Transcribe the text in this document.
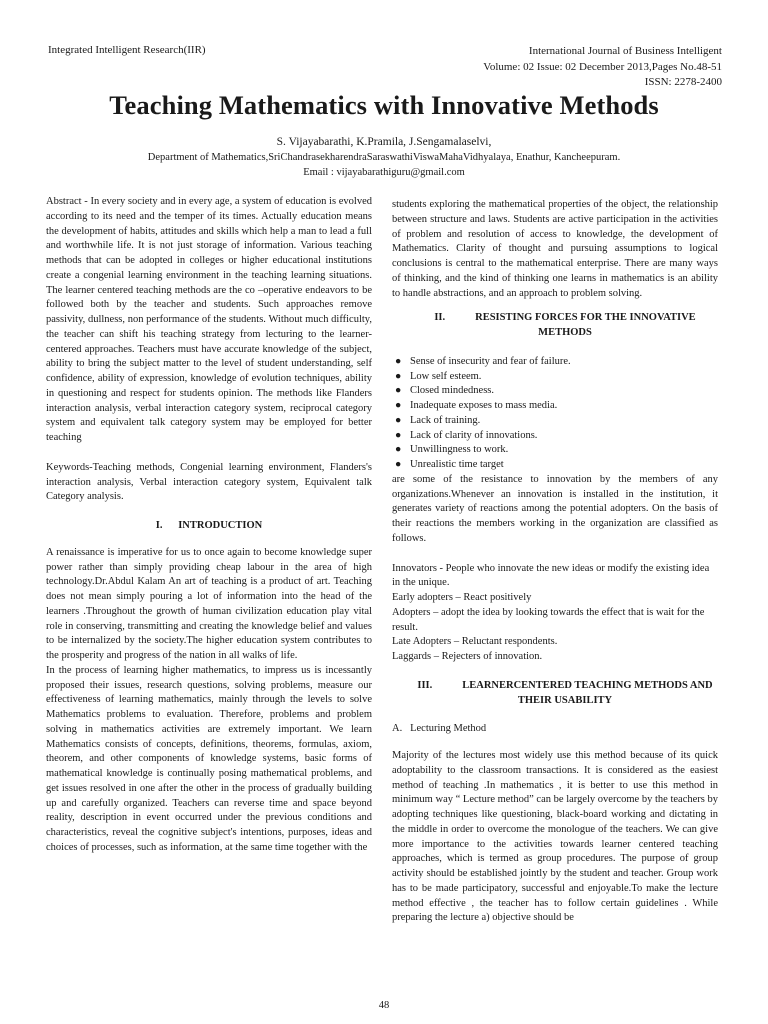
Integrated Intelligent Research(IIR)	International Journal of Business Intelligent
Volume: 02 Issue: 02 December 2013,Pages No.48-51
ISSN: 2278-2400
Teaching Mathematics with Innovative Methods
S. Vijayabarathi, K.Pramila, J.Sengamalaselvi,
Department of Mathematics,SriChandrasekharendraSaraswathiViswaMahaVidhyalaya, Enathur, Kancheepuram.
Email : vijayabarathiguru@gmail.com

Abstract - In every society and in every age, a system of education is evolved according to its need and the temper of its times. Actually education means the development of habits, attitudes and skills which help a man to lead a full and worthwhile life. It is not just storage of information. Various teaching methods that can be adopted in colleges or higher educational institutions create a congenial learning environment in the teaching learning situations. The learner centered teaching methods are the co –operative endeavors to be followed both by the teacher and students. Such approaches remove passivity, dullness, non performance of the students. Without much difficulty, the teacher can shift his teaching strategy from lecturing to the learner- centered approaches. Teachers must have accurate knowledge of the subject, ability to bring the subject matter to the level of student understanding, self confidence, ability of expression, knowledge of evolution techniques, ability in questioning and respect for students opinion. The methods like Flanders interaction analysis, verbal interaction category system, reciprocal category system and equivalent talk category system may be employed for better teaching

Keywords-Teaching methods, Congenial learning environment, Flanders's interaction analysis, Verbal interaction category system, Equivalent talk Category analysis.

I.      INTRODUCTION

A renaissance is imperative for us to once again to become knowledge super power rather than simply providing cheap labour in the area of high technology.Dr.Abdul Kalam An art of teaching is a product of art. Teaching does not mean simply pouring a lot of information into the head of the learners .Throughout the growth of human civilization education play vital role in conserving, transmitting and creating the knowledge belief and values to be internalized by the society.The higher education system contributes to the prosperity and progress of the nation in all walks of life.

In the process of learning higher mathematics, to impress us is incessantly proposed their issues, research questions, solving problems, measure our effectiveness of learning mathematics, mainly through the levels to solve Mathematics problems to evaluation. Therefore, problems and problem solving in mathematics activities are extremely important. We learn Mathematics consists of concepts, definitions, theorems, formulas, axiom, theorem, and other components of knowledge systems, basic forms of mathematical knowledge is continually posing mathematical problems, and get issues resolved in one after the other in the process of gradually building up and carefully organized. Teachers can reverse time and space beyond reality, description in event occurred under the previous conditions and characteristics, reveal the cognitive subject's intentions, purposes, ideas and choices of processes, such as information, at the same time together with the

students exploring the mathematical properties of the object, the relationship between structure and laws. Students are active participation in the activities of problem and resolution of access to knowledge, the development of Mathematics. Clarity of thought and pursuing assumptions to logical conclusions is central to the mathematical enterprise. There are many ways of thinking, and the kind of thinking one learns in mathematics is an ability to handle abstractions, and an approach to problem solving.

II.	RESISTING FORCES FOR THE INNOVATIVE METHODS
● Sense of insecurity and fear of failure.
● Low self esteem.
● Closed mindedness.
● Inadequate exposes to mass media.
● Lack of training.
● Lack of clarity of innovations.
● Unwillingness to work.
● Unrealistic time target

are some of the resistance to innovation by the members of any organizations.Whenever an innovation is installed in the institution, it generates variety of reactions among the potential adopters. On the basis of their reactions the members working in the organization are classified as follows.

Innovators - People who innovate the new ideas or modify the existing idea in the unique.

Early adopters – React positively

Adopters – adopt the idea by looking towards the effect that is wait for the result.

Late Adopters – Reluctant respondents.

Laggards – Rejecters of innovation.

III.	LEARNERCENTERED TEACHING METHODS AND THEIR USABILITY

A.   Lecturing Method

Majority of the lectures most widely use this method because of its quick adoptability to the classroom transactions. It is considered as the easiest method of teaching .In mathematics , it is better to use this method in minimum way “ Lecture method” can be largely overcome by the teachers by adopting techniques like questioning, black-board working and dictating in the middle in order to overcome the monologue of the teachers. We can give more importance to the activities towards learner centered teaching approaches, which is termed as group procedures. The purpose of group activity should be established jointly by the student and teacher. Group work has to be made participatory, successful and enjoyable.To make the lecture method effective , the teacher has to follow certain guidelines . While preparing the lecture a) objective should be

48
